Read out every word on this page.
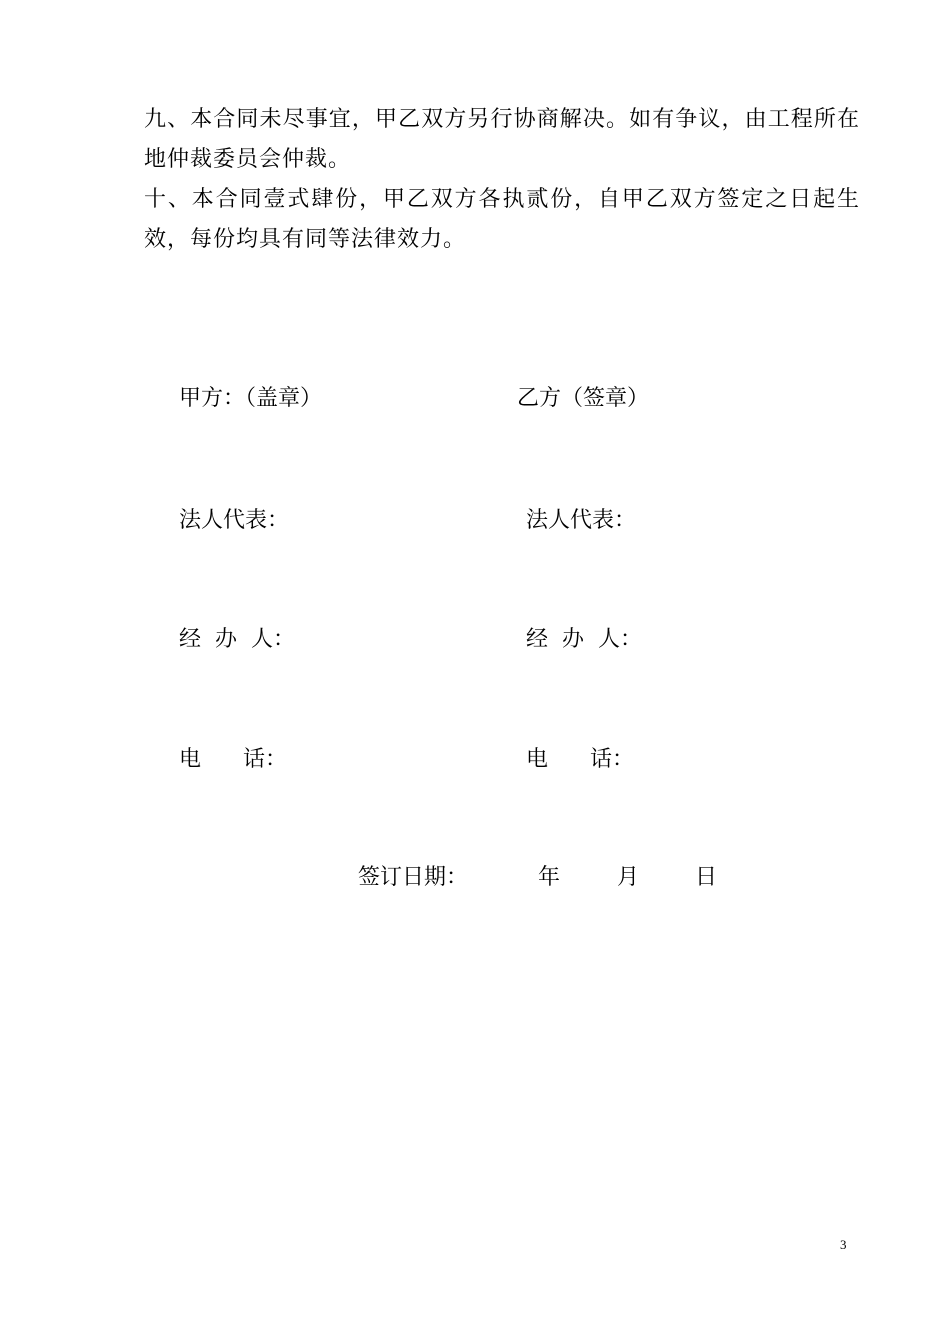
九、本合同未尽事宜，甲乙双方另行协商解决。如有争议，由工程所在地仲裁委员会仲裁。

十、本合同壹式肆份，甲乙双方各执贰份，自甲乙双方签定之日起生效，每份均具有同等法律效力。

甲方：（盖章）	乙方（签章）
法人代表：	法人代表：
经  办  人：	经  办  人：
电      话：	电      话：
签订日期：	年	月	日
3
